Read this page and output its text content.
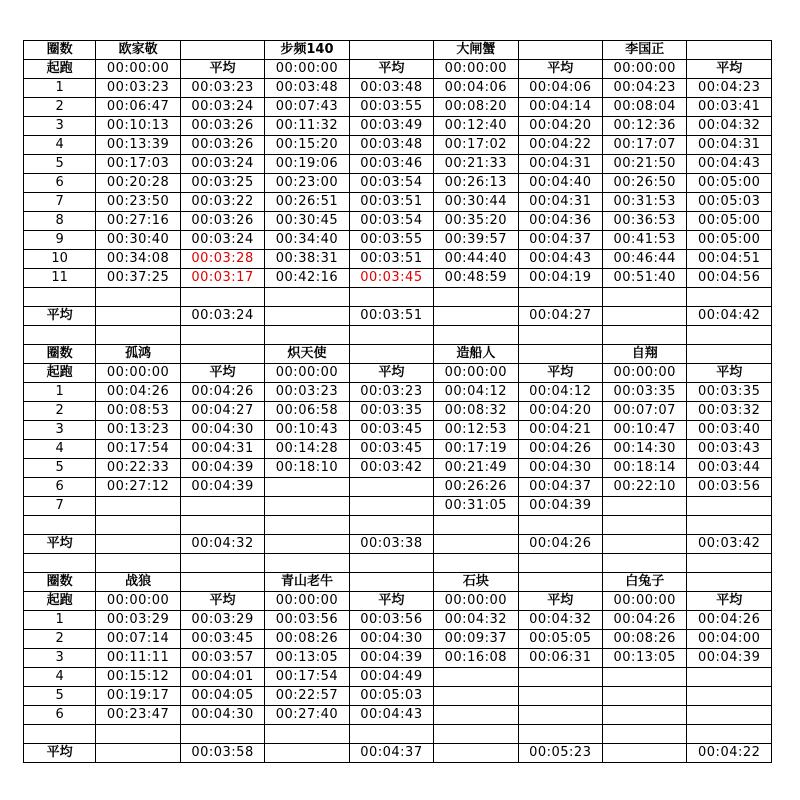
圈数	欧家敬		步频140		大闸蟹		李国正	
起跑	00:00:00	平均	00:00:00	平均	00:00:00	平均	00:00:00	平均
1	00:03:23	00:03:23	00:03:48	00:03:48	00:04:06	00:04:06	00:04:23	00:04:23
2	00:06:47	00:03:24	00:07:43	00:03:55	00:08:20	00:04:14	00:08:04	00:03:41
3	00:10:13	00:03:26	00:11:32	00:03:49	00:12:40	00:04:20	00:12:36	00:04:32
4	00:13:39	00:03:26	00:15:20	00:03:48	00:17:02	00:04:22	00:17:07	00:04:31
5	00:17:03	00:03:24	00:19:06	00:03:46	00:21:33	00:04:31	00:21:50	00:04:43
6	00:20:28	00:03:25	00:23:00	00:03:54	00:26:13	00:04:40	00:26:50	00:05:00
7	00:23:50	00:03:22	00:26:51	00:03:51	00:30:44	00:04:31	00:31:53	00:05:03
8	00:27:16	00:03:26	00:30:45	00:03:54	00:35:20	00:04:36	00:36:53	00:05:00
9	00:30:40	00:03:24	00:34:40	00:03:55	00:39:57	00:04:37	00:41:53	00:05:00
10	00:34:08	00:03:28	00:38:31	00:03:51	00:44:40	00:04:43	00:46:44	00:04:51
11	00:37:25	00:03:17	00:42:16	00:03:45	00:48:59	00:04:19	00:51:40	00:04:56

平均		00:03:24		00:03:51		00:04:27		00:04:42

圈数	孤鸿		炽天使		造船人		自翔	
起跑	00:00:00	平均	00:00:00	平均	00:00:00	平均	00:00:00	平均
1	00:04:26	00:04:26	00:03:23	00:03:23	00:04:12	00:04:12	00:03:35	00:03:35
2	00:08:53	00:04:27	00:06:58	00:03:35	00:08:32	00:04:20	00:07:07	00:03:32
3	00:13:23	00:04:30	00:10:43	00:03:45	00:12:53	00:04:21	00:10:47	00:03:40
4	00:17:54	00:04:31	00:14:28	00:03:45	00:17:19	00:04:26	00:14:30	00:03:43
5	00:22:33	00:04:39	00:18:10	00:03:42	00:21:49	00:04:30	00:18:14	00:03:44
6	00:27:12	00:04:39			00:26:26	00:04:37	00:22:10	00:03:56
7					00:31:05	00:04:39		

平均		00:04:32		00:03:38		00:04:26		00:03:42

圈数	战狼		青山老牛		石块		白兔子	
起跑	00:00:00	平均	00:00:00	平均	00:00:00	平均	00:00:00	平均
1	00:03:29	00:03:29	00:03:56	00:03:56	00:04:32	00:04:32	00:04:26	00:04:26
2	00:07:14	00:03:45	00:08:26	00:04:30	00:09:37	00:05:05	00:08:26	00:04:00
3	00:11:11	00:03:57	00:13:05	00:04:39	00:16:08	00:06:31	00:13:05	00:04:39
4	00:15:12	00:04:01	00:17:54	00:04:49				
5	00:19:17	00:04:05	00:22:57	00:05:03				
6	00:23:47	00:04:30	00:27:40	00:04:43				

平均		00:03:58		00:04:37		00:05:23		00:04:22
